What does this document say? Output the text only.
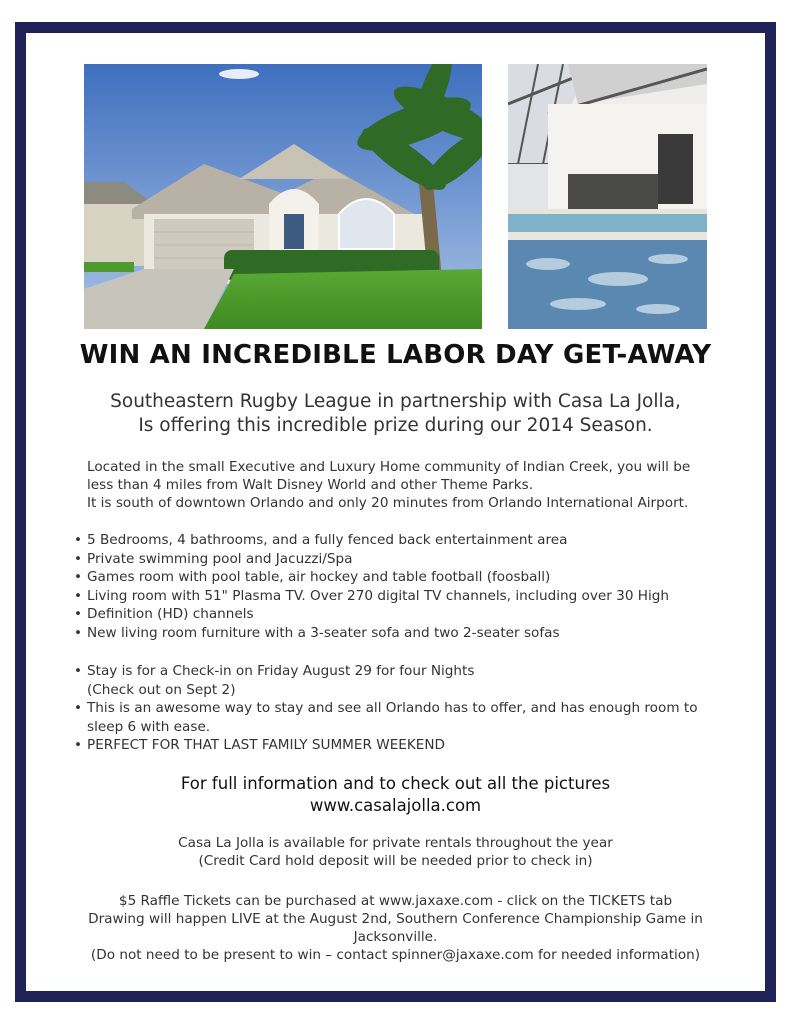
WIN AN INCREDIBLE LABOR DAY GET-AWAY
Southeastern Rugby League in partnership with Casa La Jolla,
Is offering this incredible prize during our 2014 Season.
Located in the small Executive and Luxury Home community of Indian Creek, you will be
less than 4 miles from Walt Disney World and other Theme Parks.
It is south of downtown Orlando and only 20 minutes from Orlando International Airport.
• 5 Bedrooms, 4 bathrooms, and a fully fenced back entertainment area
• Private swimming pool and Jacuzzi/Spa
• Games room with pool table, air hockey and table football (foosball)
• Living room with 51" Plasma TV. Over 270 digital TV channels, including over 30 High
• Definition (HD) channels
• New living room furniture with a 3-seater sofa and two 2-seater sofas
• Stay is for a Check-in on Friday August 29 for four Nights
(Check out on Sept 2)
• This is an awesome way to stay and see all Orlando has to offer, and has enough room to
sleep 6 with ease.
• PERFECT FOR THAT LAST FAMILY SUMMER WEEKEND
For full information and to check out all the pictures
www.casalajolla.com
Casa La Jolla is available for private rentals throughout the year
(Credit Card hold deposit will be needed prior to check in)
$5 Raffle Tickets can be purchased at www.jaxaxe.com - click on the TICKETS tab
Drawing will happen LIVE at the August 2nd, Southern Conference Championship Game in
Jacksonville.
(Do not need to be present to win – contact spinner@jaxaxe.com for needed information)
